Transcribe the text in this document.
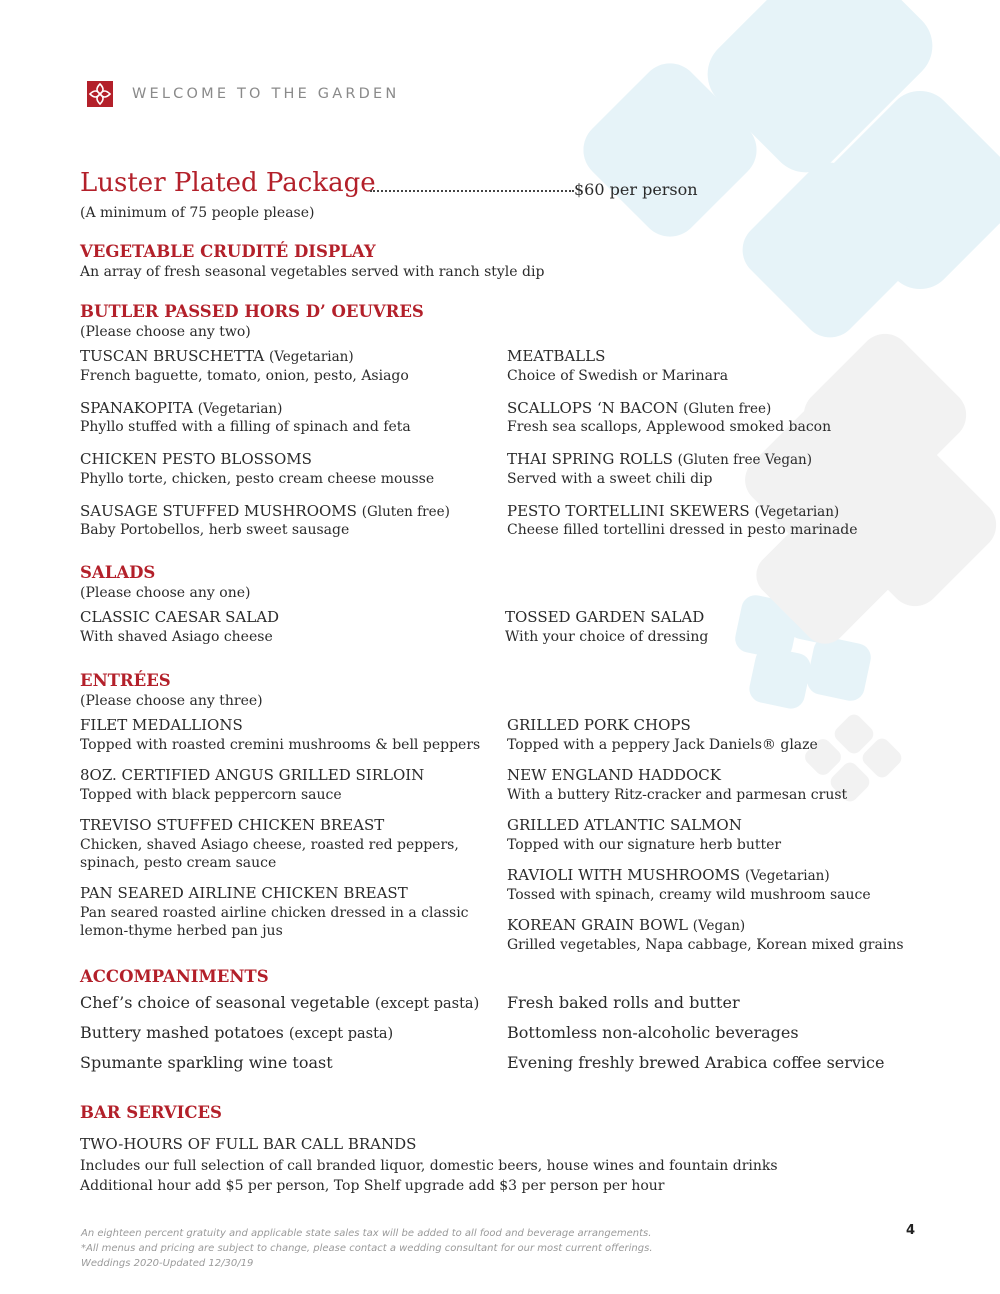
WELCOME TO THE GARDEN
Luster Plated Package	$60 per person
(A minimum of 75 people please)
VEGETABLE CRUDITÉ DISPLAY
An array of fresh seasonal vegetables served with ranch style dip
BUTLER PASSED HORS D’ OEUVRES
(Please choose any two)
TUSCAN BRUSCHETTA (Vegetarian)
French baguette, tomato, onion, pesto, Asiago
SPANAKOPITA (Vegetarian)
Phyllo stuffed with a filling of spinach and feta
CHICKEN PESTO BLOSSOMS
Phyllo torte, chicken, pesto cream cheese mousse
SAUSAGE STUFFED MUSHROOMS (Gluten free)
Baby Portobellos, herb sweet sausage
MEATBALLS
Choice of Swedish or Marinara
SCALLOPS ‘N BACON (Gluten free)
Fresh sea scallops, Applewood smoked bacon
THAI SPRING ROLLS (Gluten free Vegan)
Served with a sweet chili dip
PESTO TORTELLINI SKEWERS (Vegetarian)
Cheese filled tortellini dressed in pesto marinade
SALADS
(Please choose any one)
CLASSIC CAESAR SALAD
With shaved Asiago cheese
TOSSED GARDEN SALAD
With your choice of dressing
ENTRÉES
(Please choose any three)
FILET MEDALLIONS
Topped with roasted cremini mushrooms & bell peppers
8OZ. CERTIFIED ANGUS GRILLED SIRLOIN
Topped with black peppercorn sauce
TREVISO STUFFED CHICKEN BREAST
Chicken, shaved Asiago cheese, roasted red peppers,
spinach, pesto cream sauce
PAN SEARED AIRLINE CHICKEN BREAST
Pan seared roasted airline chicken dressed in a classic
lemon-thyme herbed pan jus
GRILLED PORK CHOPS
Topped with a peppery Jack Daniels® glaze
NEW ENGLAND HADDOCK
With a buttery Ritz-cracker and parmesan crust
GRILLED ATLANTIC SALMON
Topped with our signature herb butter
RAVIOLI WITH MUSHROOMS (Vegetarian)
Tossed with spinach, creamy wild mushroom sauce
KOREAN GRAIN BOWL (Vegan)
Grilled vegetables, Napa cabbage, Korean mixed grains
ACCOMPANIMENTS
Chef’s choice of seasonal vegetable (except pasta)
Buttery mashed potatoes (except pasta)
Spumante sparkling wine toast
Fresh baked rolls and butter
Bottomless non-alcoholic beverages
Evening freshly brewed Arabica coffee service
BAR SERVICES
TWO-HOURS OF FULL BAR CALL BRANDS
Includes our full selection of call branded liquor, domestic beers, house wines and fountain drinks
Additional hour add $5 per person, Top Shelf upgrade add $3 per person per hour
An eighteen percent gratuity and applicable state sales tax will be added to all food and beverage arrangements.
*All menus and pricing are subject to change, please contact a wedding consultant for our most current offerings.
Weddings 2020-Updated 12/30/19
4
